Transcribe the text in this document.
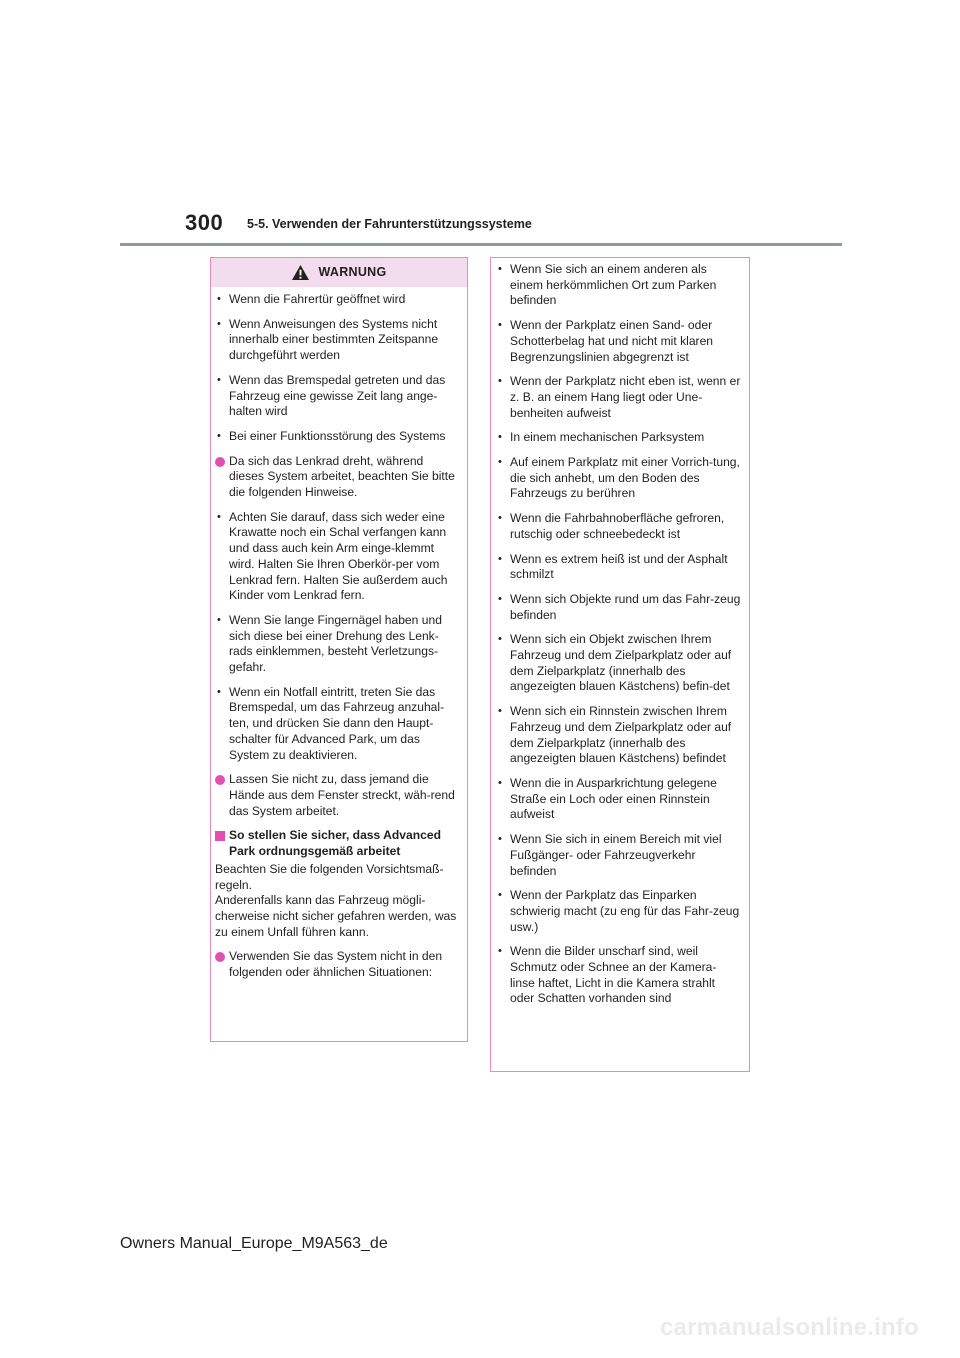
300 5-5. Verwenden der Fahrunterstützungssysteme
WARNUNG
• Wenn die Fahrertür geöffnet wird
• Wenn Anweisungen des Systems nicht innerhalb einer bestimmten Zeitspanne durchgeführt werden
• Wenn das Bremspedal getreten und das Fahrzeug eine gewisse Zeit lang ange-halten wird
• Bei einer Funktionsstörung des Systems
Da sich das Lenkrad dreht, während dieses System arbeitet, beachten Sie bitte die folgenden Hinweise.
• Achten Sie darauf, dass sich weder eine Krawatte noch ein Schal verfangen kann und dass auch kein Arm einge-klemmt wird. Halten Sie Ihren Oberkör-per vom Lenkrad fern. Halten Sie außerdem auch Kinder vom Lenkrad fern.
• Wenn Sie lange Fingernägel haben und sich diese bei einer Drehung des Lenk-rads einklemmen, besteht Verletzungs-gefahr.
• Wenn ein Notfall eintritt, treten Sie das Bremspedal, um das Fahrzeug anzuhal-ten, und drücken Sie dann den Haupt-schalter für Advanced Park, um das System zu deaktivieren.
Lassen Sie nicht zu, dass jemand die Hände aus dem Fenster streckt, wäh-rend das System arbeitet.
So stellen Sie sicher, dass Advanced Park ordnungsgemäß arbeitet
Beachten Sie die folgenden Vorsichtsmaß-regeln.
Anderenfalls kann das Fahrzeug mögli-cherweise nicht sicher gefahren werden, was zu einem Unfall führen kann.
Verwenden Sie das System nicht in den folgenden oder ähnlichen Situationen:
• Wenn Sie sich an einem anderen als einem herkömmlichen Ort zum Parken befinden
• Wenn der Parkplatz einen Sand- oder Schotterbelag hat und nicht mit klaren Begrenzungslinien abgegrenzt ist
• Wenn der Parkplatz nicht eben ist, wenn er z. B. an einem Hang liegt oder Une-benheiten aufweist
• In einem mechanischen Parksystem
• Auf einem Parkplatz mit einer Vorrich-tung, die sich anhebt, um den Boden des Fahrzeugs zu berühren
• Wenn die Fahrbahnoberfläche gefroren, rutschig oder schneebedeckt ist
• Wenn es extrem heiß ist und der Asphalt schmilzt
• Wenn sich Objekte rund um das Fahr-zeug befinden
• Wenn sich ein Objekt zwischen Ihrem Fahrzeug und dem Zielparkplatz oder auf dem Zielparkplatz (innerhalb des angezeigten blauen Kästchens) befin-det
• Wenn sich ein Rinnstein zwischen Ihrem Fahrzeug und dem Zielparkplatz oder auf dem Zielparkplatz (innerhalb des angezeigten blauen Kästchens) befindet
• Wenn die in Ausparkrichtung gelegene Straße ein Loch oder einen Rinnstein aufweist
• Wenn Sie sich in einem Bereich mit viel Fußgänger- oder Fahrzeugverkehr befinden
• Wenn der Parkplatz das Einparken schwierig macht (zu eng für das Fahr-zeug usw.)
• Wenn die Bilder unscharf sind, weil Schmutz oder Schnee an der Kamera-linse haftet, Licht in die Kamera strahlt oder Schatten vorhanden sind
Owners Manual_Europe_M9A563_de
carmanualsonline.info
